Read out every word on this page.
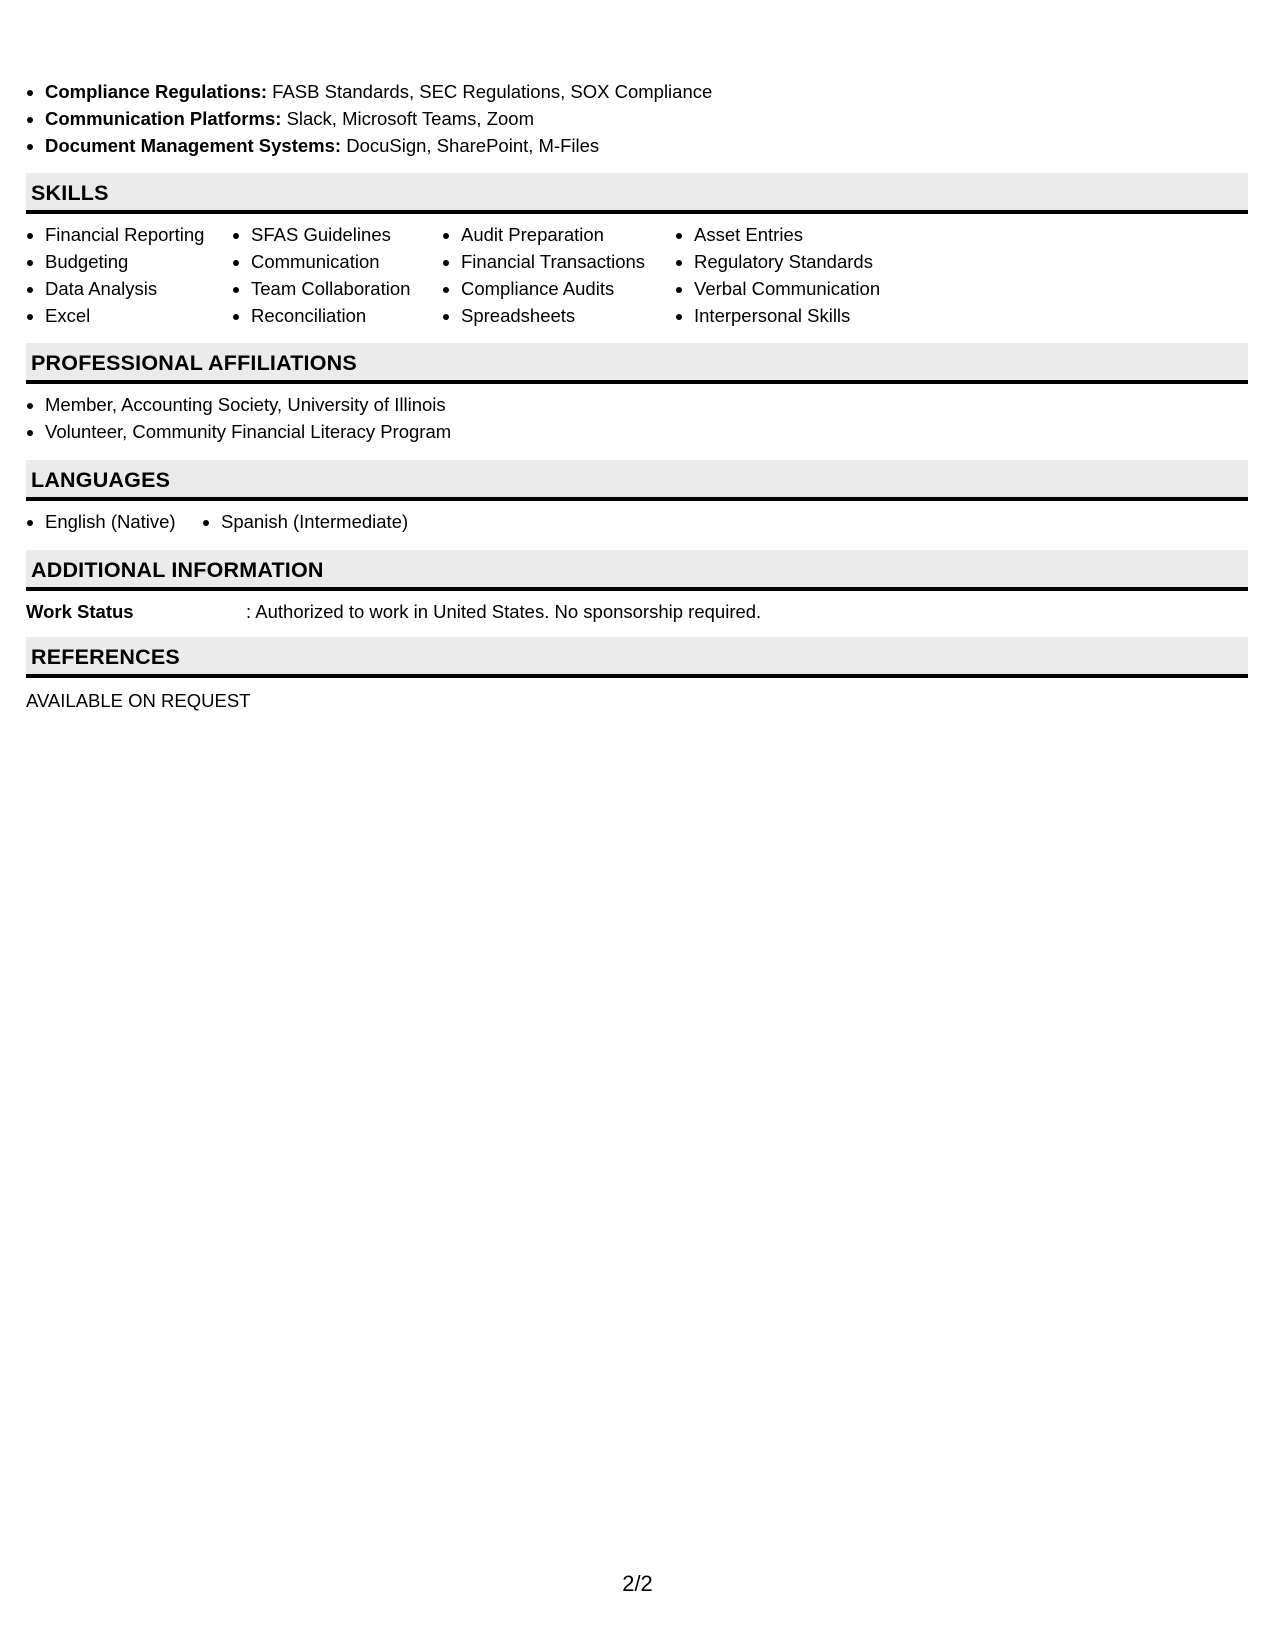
• Compliance Regulations: FASB Standards, SEC Regulations, SOX Compliance
• Communication Platforms: Slack, Microsoft Teams, Zoom
• Document Management Systems: DocuSign, SharePoint, M-Files
SKILLS
• Financial Reporting
• Budgeting
• Data Analysis
• Excel
• SFAS Guidelines
• Communication
• Team Collaboration
• Reconciliation
• Audit Preparation
• Financial Transactions
• Compliance Audits
• Spreadsheets
• Asset Entries
• Regulatory Standards
• Verbal Communication
• Interpersonal Skills
PROFESSIONAL AFFILIATIONS
• Member, Accounting Society, University of Illinois
• Volunteer, Community Financial Literacy Program
LANGUAGES
• English (Native)
•	Spanish (Intermediate)
ADDITIONAL INFORMATION
Work Status	: Authorized to work in United States. No sponsorship required.
REFERENCES
AVAILABLE ON REQUEST
2/2
